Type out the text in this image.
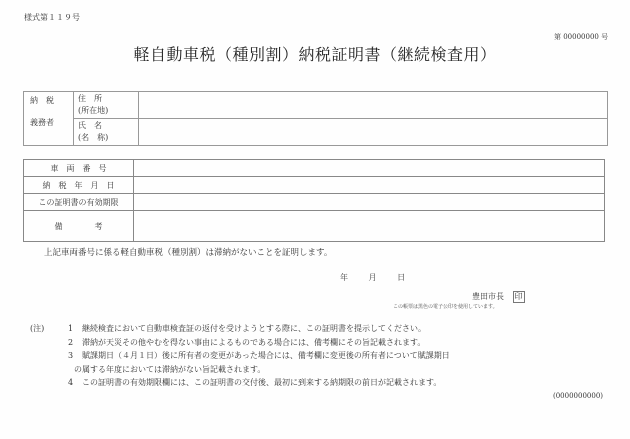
様式第１１９号
第 00000000 号
軽自動車税（種別割）納税証明書（継続検査用）
納　税
義務者

住　所
(所在地)

	氏　名
(名　称)	

車　両　番　号	
納　税　年　月　日	
この証明書の有効期限	
備　　　　考	
上記車両番号に係る軽自動車税（種別割）は滞納がないことを証明します。
年	月	日
豊田市長 印
この帳票は黒色の電子公印を使用しています。
(注)	1	継続検査において自動車検査証の返付を受けようとする際に、この証明書を提示してください。
2	滞納が天災その他やむを得ない事由によるものである場合には、備考欄にその旨記載されます。
3	賦課期日（４月１日）後に所有者の変更があった場合には、備考欄に変更後の所有者について賦課期日
の属する年度においては滞納がない旨記載されます。
4	この証明書の有効期限欄には、この証明書の交付後、最初に到来する納期限の前日が記載されます。
(0000000000)
